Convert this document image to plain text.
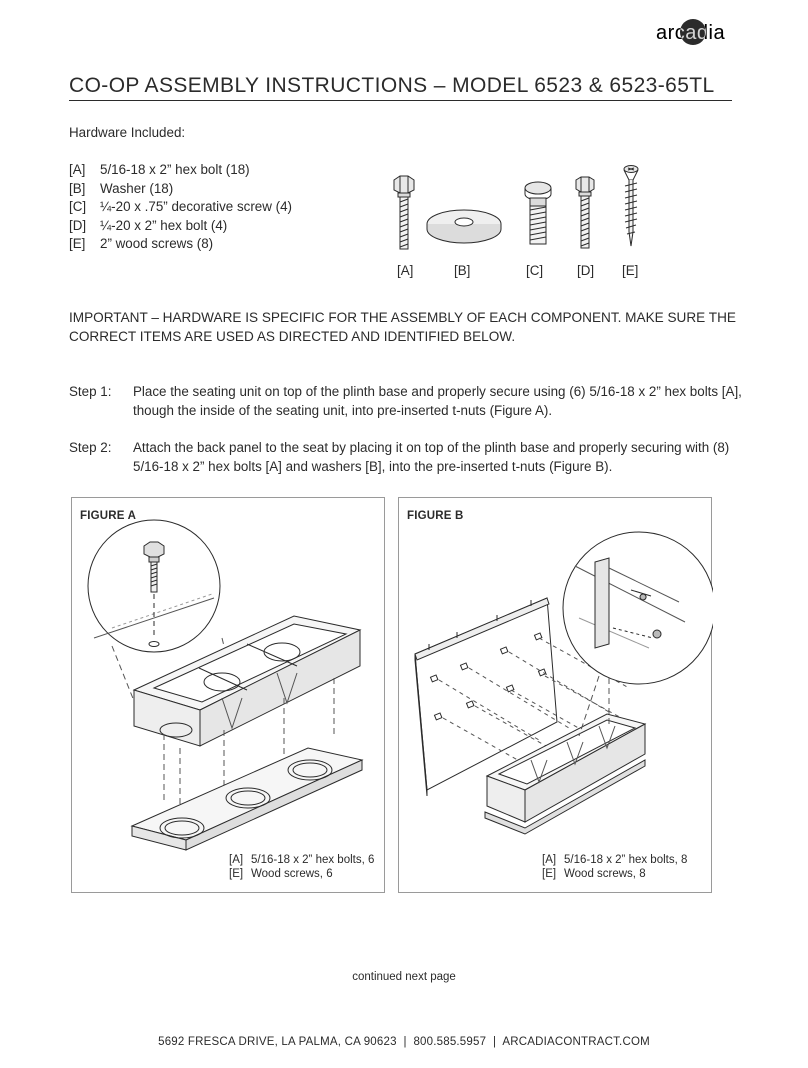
arcadia
CO-OP ASSEMBLY INSTRUCTIONS – MODEL 6523 & 6523-65TL
Hardware Included:
[A] 5/16-18 x 2” hex bolt (18)
[B] Washer (18)
[C] ¼-20 x .75” decorative screw (4)
[D] ¼-20 x 2” hex bolt (4)
[E] 2” wood screws (8)
[A]	[B]	[C]	[D] [E]
IMPORTANT – HARDWARE IS SPECIFIC FOR THE ASSEMBLY OF EACH COMPONENT. MAKE SURE THE CORRECT ITEMS ARE USED AS DIRECTED AND IDENTIFIED BELOW.
Step 1: Place the seating unit on top of the plinth base and properly secure using (6) 5/16-18 x 2” hex bolts [A], though the inside of the seating unit, into pre-inserted t-nuts (Figure A).
Step 2: Attach the back panel to the seat by placing it on top of the plinth base and properly securing with (8) 5/16-18 x 2” hex bolts [A] and washers [B], into the pre-inserted t-nuts (Figure B).
FIGURE A
[A] 5/16-18 x 2” hex bolts, 6
[E] Wood screws, 6
FIGURE B
[A] 5/16-18 x 2” hex bolts, 8
[E] Wood screws, 8
continued next page
5692 FRESCA DRIVE, LA PALMA, CA 90623  |  800.585.5957  |  ARCADIACONTRACT.COM
